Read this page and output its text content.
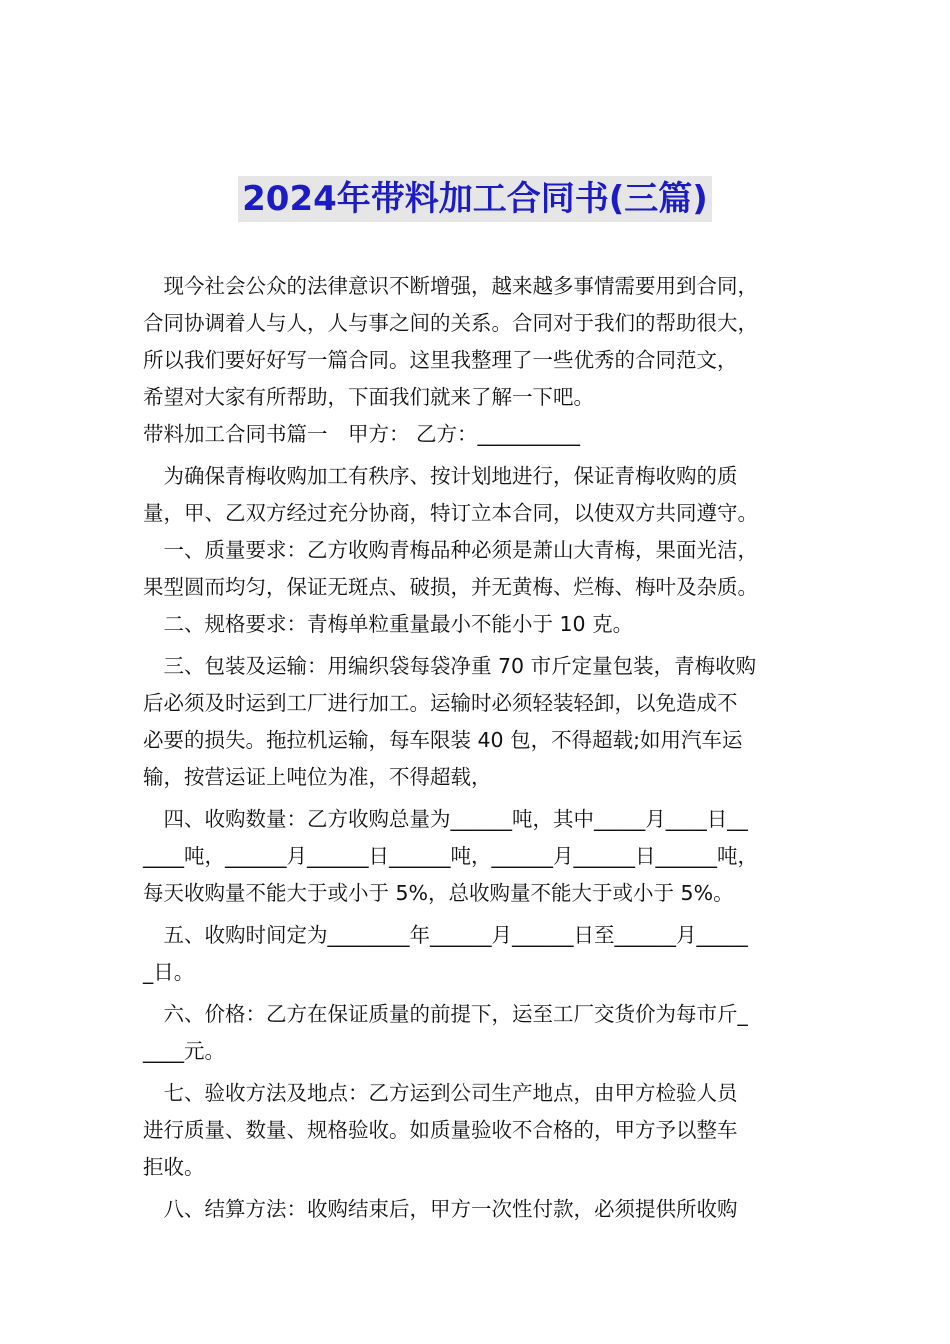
2024年带料加工合同书(三篇)
　现今社会公众的法律意识不断增强，越来越多事情需要用到合同，
合同协调着人与人，人与事之间的关系。合同对于我们的帮助很大，
所以我们要好好写一篇合同。这里我整理了一些优秀的合同范文，
希望对大家有所帮助，下面我们就来了解一下吧。
带料加工合同书篇一　甲方： 乙方：__________
　为确保青梅收购加工有秩序、按计划地进行，保证青梅收购的质
量，甲、乙双方经过充分协商，特订立本合同，以使双方共同遵守。
　一、质量要求：乙方收购青梅品种必须是萧山大青梅，果面光洁，
果型圆而均匀，保证无斑点、破损，并无黄梅、烂梅、梅叶及杂质。
　二、规格要求：青梅单粒重量最小不能小于 10 克。
　三、包装及运输：用编织袋每袋净重 70 市斤定量包装，青梅收购
后必须及时运到工厂进行加工。运输时必须轻装轻卸，以免造成不
必要的损失。拖拉机运输，每车限装 40 包，不得超载;如用汽车运
输，按营运证上吨位为准，不得超载，
　四、收购数量：乙方收购总量为______吨，其中_____月____日__
____吨，______月______日______吨，______月______日______吨，
每天收购量不能大于或小于 5%，总收购量不能大于或小于 5%。
　五、收购时间定为________年______月______日至______月_____
_日。
　六、价格：乙方在保证质量的前提下，运至工厂交货价为每市斤_
____元。
　七、验收方法及地点：乙方运到公司生产地点，由甲方检验人员
进行质量、数量、规格验收。如质量验收不合格的，甲方予以整车
拒收。
　八、结算方法：收购结束后，甲方一次性付款，必须提供所收购
